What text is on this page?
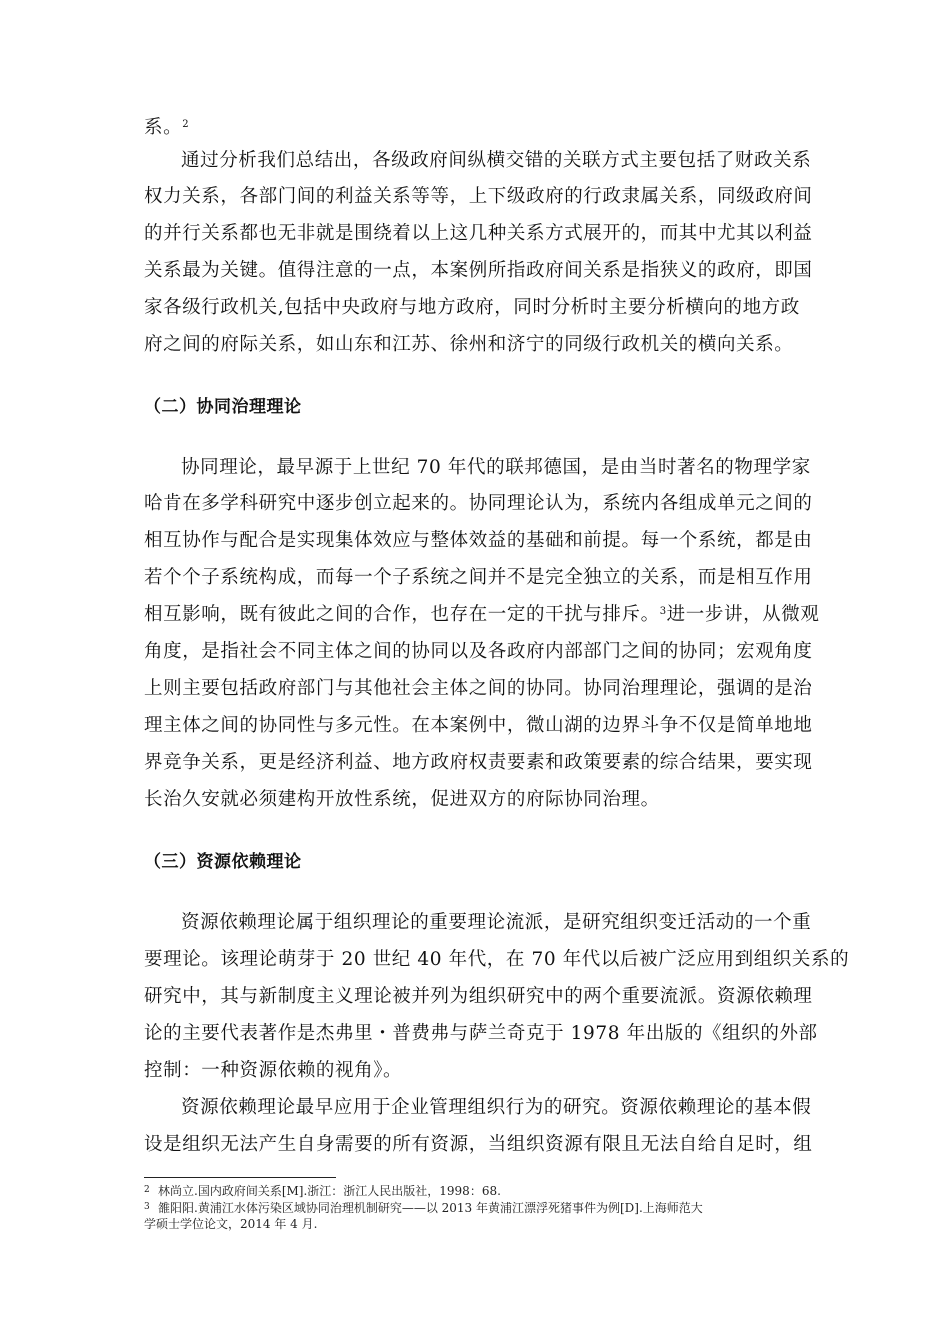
系。$^2$
通过分析我们总结出，各级政府间纵横交错的关联方式主要包括了财政关系
权力关系，各部门间的利益关系等等，上下级政府的行政隶属关系，同级政府间
的并行关系都也无非就是围绕着以上这几种关系方式展开的，而其中尤其以利益
关系最为关键。值得注意的一点，本案例所指政府间关系是指狭义的政府，即国
家各级行政机关,包括中央政府与地方政府，同时分析时主要分析横向的地方政
府之间的府际关系，如山东和江苏、徐州和济宁的同级行政机关的横向关系。
（二）协同治理理论
协同理论，最早源于上世纪 70 年代的联邦德国，是由当时著名的物理学家
哈肯在多学科研究中逐步创立起来的。协同理论认为，系统内各组成单元之间的
相互协作与配合是实现集体效应与整体效益的基础和前提。每一个系统，都是由
若个个子系统构成，而每一个子系统之间并不是完全独立的关系，而是相互作用
相互影响，既有彼此之间的合作，也存在一定的干扰与排斥。$^3$进一步讲，从微观
角度，是指社会不同主体之间的协同以及各政府内部部门之间的协同；宏观角度
上则主要包括政府部门与其他社会主体之间的协同。协同治理理论，强调的是治
理主体之间的协同性与多元性。在本案例中，微山湖的边界斗争不仅是简单地地
界竞争关系，更是经济利益、地方政府权责要素和政策要素的综合结果，要实现
长治久安就必须建构开放性系统，促进双方的府际协同治理。
（三）资源依赖理论
资源依赖理论属于组织理论的重要理论流派，是研究组织变迁活动的一个重
要理论。该理论萌芽于 20 世纪 40 年代，在 70 年代以后被广泛应用到组织关系的
研究中，其与新制度主义理论被并列为组织研究中的两个重要流派。资源依赖理
论的主要代表著作是杰弗里・普费弗与萨兰奇克于 1978 年出版的《组织的外部
控制：一种资源依赖的视角》。
资源依赖理论最早应用于企业管理组织行为的研究。资源依赖理论的基本假
设是组织无法产生自身需要的所有资源，当组织资源有限且无法自给自足时，组
2 林尚立.国内政府间关系[M].浙江：浙江人民出版社，1998：68.
3 雒阳阳.黄浦江水体污染区域协同治理机制研究——以 2013 年黄浦江漂浮死猪事件为例[D].上海师范大
学硕士学位论文，2014 年 4 月.
